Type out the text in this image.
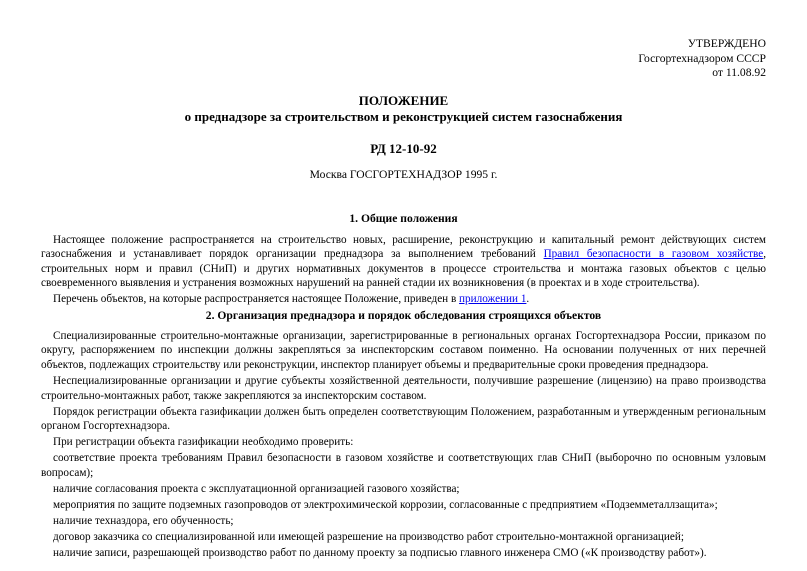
УТВЕРЖДЕНО
Госгортехнадзором СССР
от 11.08.92
ПОЛОЖЕНИЕ
о преднадзоре за строительством и реконструкцией систем газоснабжения
РД 12-10-92
Москва ГОСГОРТЕХНАДЗОР 1995 г.
1. Общие положения

Настоящее положение распространяется на строительство новых, расширение, реконструкцию и капитальный ремонт действующих систем газоснабжения и устанавливает порядок организации преднадзора за выполнением требований Правил безопасности в газовом хозяйстве, строительных норм и правил (СНиП) и других нормативных документов в процессе строительства и монтажа газовых объектов с целью своевременного выявления и устранения возможных нарушений на ранней стадии их возникновения (в проектах и в ходе строительства).

Перечень объектов, на которые распространяется настоящее Положение, приведен в приложении 1.

2. Организация преднадзора и порядок обследования строящихся объектов

Специализированные строительно-монтажные организации, зарегистрированные в региональных органах Госгортехнадзора России, приказом по округу, распоряжением по инспекции должны закрепляться за инспекторским составом поименно. На основании полученных от них перечней объектов, подлежащих строительству или реконструкции, инспектор планирует объемы и предварительные сроки проведения преднадзора.

Неспециализированные организации и другие субъекты хозяйственной деятельности, получившие разрешение (лицензию) на право производства строительно-монтажных работ, также закрепляются за инспекторским составом.

Порядок регистрации объекта газификации должен быть определен соответствующим Положением, разработанным и утвержденным региональным органом Госгортехнадзора.

При регистрации объекта газификации необходимо проверить:

соответствие проекта требованиям Правил безопасности в газовом хозяйстве и соответствующих глав СНиП (выборочно по основным узловым вопросам);

наличие согласования проекта с эксплуатационной организацией газового хозяйства;

мероприятия по защите подземных газопроводов от электрохимической коррозии, согласованные с предприятием «Подземметаллзащита»;

наличие техназдора, его обученность;

договор заказчика со специализированной или имеющей разрешение на производство работ строительно-монтажной организацией;

наличие записи, разрешающей производство работ по данному проекту за подписью главного инженера СМО («К производству работ»).
